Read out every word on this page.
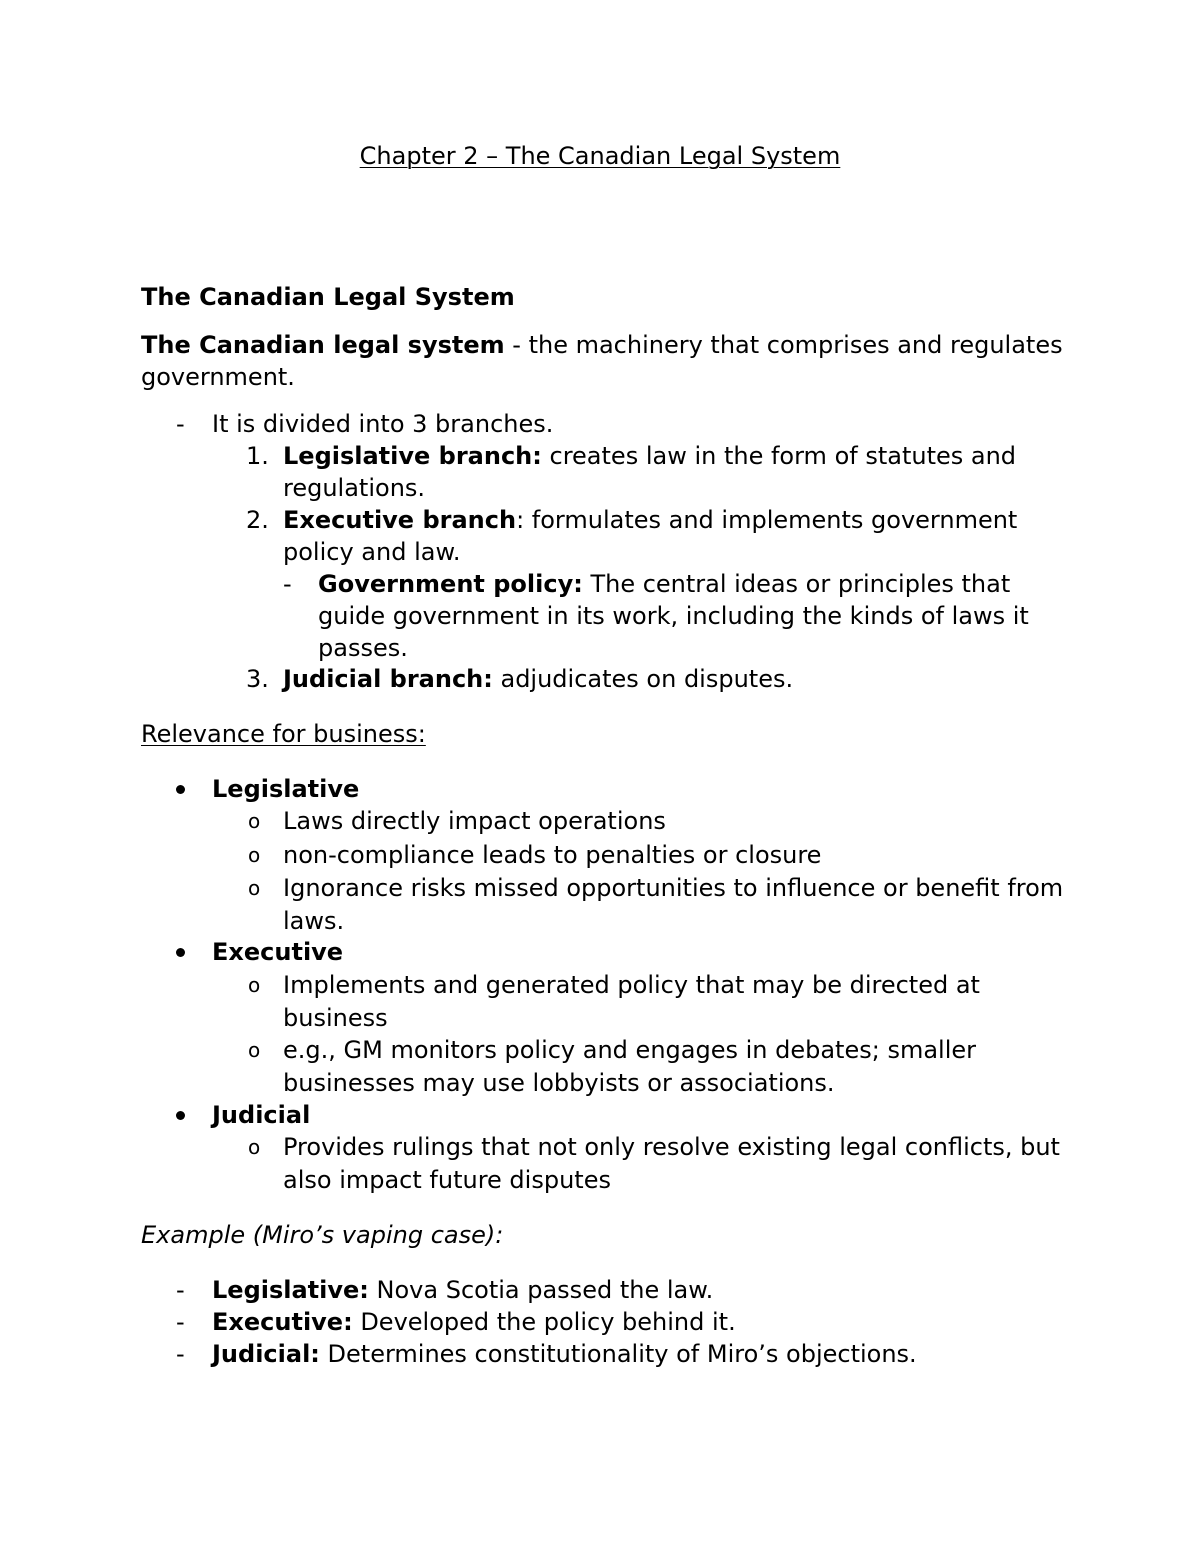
Chapter 2 – The Canadian Legal System
The Canadian Legal System
The Canadian legal system - the machinery that comprises and regulates
government.
- It is divided into 3 branches.
1. Legislative branch: creates law in the form of statutes and
regulations.
2. Executive branch: formulates and implements government
policy and law.
- Government policy: The central ideas or principles that
guide government in its work, including the kinds of laws it
passes.
3. Judicial branch: adjudicates on disputes.
Relevance for business:
Legislative
o Laws directly impact operations
o non-compliance leads to penalties or closure
o Ignorance risks missed opportunities to influence or benefit from
laws.
Executive
o Implements and generated policy that may be directed at
business
o e.g., GM monitors policy and engages in debates; smaller
businesses may use lobbyists or associations.
Judicial
o Provides rulings that not only resolve existing legal conflicts, but
also impact future disputes
Example (Miro’s vaping case):
- Legislative: Nova Scotia passed the law.
- Executive: Developed the policy behind it.
- Judicial: Determines constitutionality of Miro’s objections.
